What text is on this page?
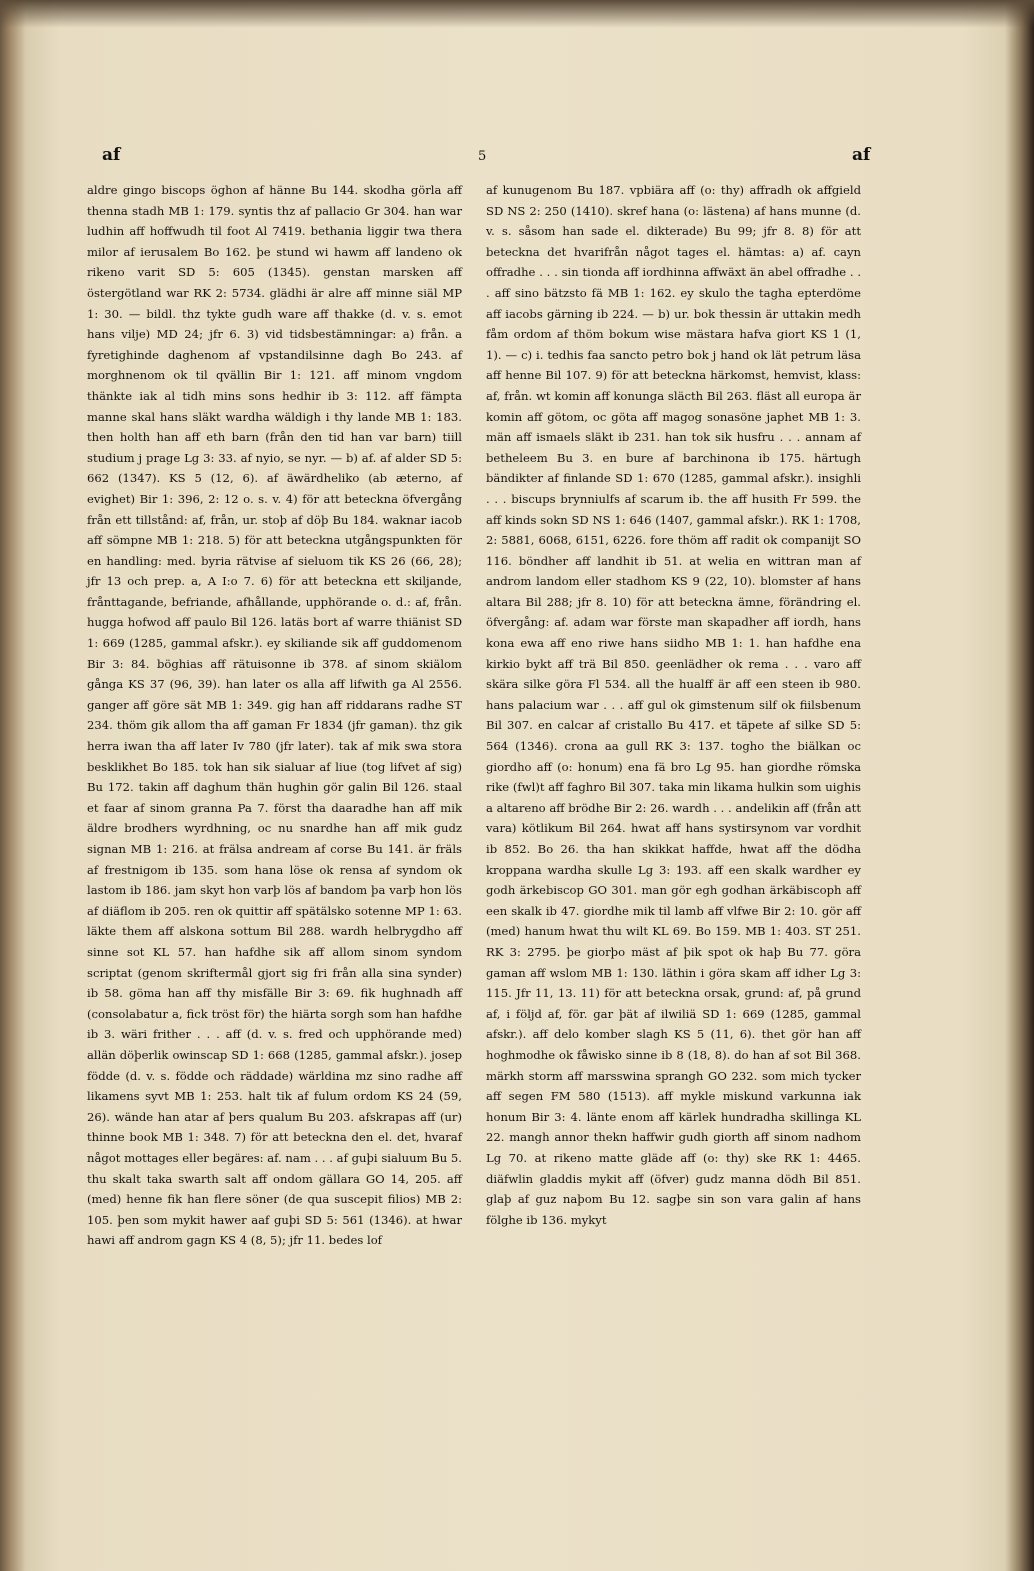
af	5	af

aldre gingo biscops öghon af hänne Bu 144. skodha görla aff thenna stadh MB 1: 179. syntis thz af pallacio Gr 304. han war ludhin aff hoffwudh til foot Al 7419. bethania liggir twa thera milor af ierusalem Bo 162. þe stund wi hawm aff landeno ok rikeno varit SD 5: 605 (1345). genstan marsken aff östergötland war RK 2: 5734. glädhi är alre aff minne siäl MP 1: 30. — bildl. thz tykte gudh ware aff thakke (d. v. s. emot hans vilje) MD 24; jfr 6. 3) vid tidsbestämningar: a) från. a fyretighinde daghenom af vpstandilsinne dagh Bo 243. af morghnenom ok til qvällin Bir 1: 121. aff minom vngdom thänkte iak al tidh mins sons hedhir ib 3: 112. aff fämpta manne skal hans släkt wardha wäldigh i thy lande MB 1: 183. then holth han aff eth barn (från den tid han var barn) tiill studium j prage Lg 3: 33. af nyio, se nyr. — b) af. af alder SD 5: 662 (1347). KS 5 (12, 6). af äwärdheliko (ab æterno, af evighet) Bir 1: 396, 2: 12 o. s. v. 4) för att beteckna öfvergång från ett tillstånd: af, från, ur. stoþ af döþ Bu 184. waknar iacob aff sömpne MB 1: 218. 5) för att beteckna utgångspunkten för en handling: med. byria rätvise af sieluom tik KS 26 (66, 28); jfr 13 och prep. a, A I:o 7. 6) för att beteckna ett skiljande, frånttagande, befriande, afhållande, upphörande o. d.: af, från. hugga hofwod aff paulo Bil 126. latäs bort af warre thiänist SD 1: 669 (1285, gammal afskr.). ey skiliande sik aff guddomenom Bir 3: 84. böghias aff rätuisonne ib 378. af sinom skiälom gånga KS 37 (96, 39). han later os alla aff lifwith ga Al 2556. ganger aff göre sät MB 1: 349. gig han aff riddarans radhe ST 234. thöm gik allom tha aff gaman Fr 1834 (jfr gaman). thz gik herra iwan tha aff later Iv 780 (jfr later). tak af mik swa stora besklikhet Bo 185. tok han sik sialuar af liue (tog lifvet af sig) Bu 172. takin aff daghum thän hughin gör galin Bil 126. staal et faar af sinom granna Pa 7. först tha daaradhe han aff mik äldre brodhers wyrdhning, oc nu snardhe han aff mik gudz signan MB 1: 216. at frälsa andream af corse Bu 141. är fräls af frestnigom ib 135. som hana löse ok rensa af syndom ok lastom ib 186. jam skyt hon varþ lös af bandom þa varþ hon lös af diäflom ib 205. ren ok quittir aff spätälsko sotenne MP 1: 63. läkte them aff alskona sottum Bil 288. wardh helbrygdho aff sinne sot KL 57. han hafdhe sik aff allom sinom syndom scriptat (genom skriftermål gjort sig fri från alla sina synder) ib 58. göma han aff thy misfälle Bir 3: 69. fik hughnadh aff (consolabatur a, fick tröst för) the hiärta sorgh som han hafdhe ib 3. wäri frither . . . aff (d. v. s. fred och upphörande med) allän döþerlik owinscap SD 1: 668 (1285, gammal afskr.). josep födde (d. v. s. födde och räddade) wärldina mz sino radhe aff likamens syvt MB 1: 253. halt tik af fulum ordom KS 24 (59, 26). wände han atar af þers qualum Bu 203. afskrapas aff (ur) thinne book MB 1: 348. 7) för att beteckna den el. det, hvaraf något mottages eller begäres: af. nam . . . af guþi sialuum Bu 5. thu skalt taka swarth salt aff ondom gällara GO 14, 205. aff (med) henne fik han flere söner (de qua suscepit filios) MB 2: 105. þen som mykit hawer aaf guþi SD 5: 561 (1346). at hwar hawi aff androm gagn KS 4 (8, 5); jfr 11. bedes lof

af kunugenom Bu 187. vpbiära aff (o: thy) affradh ok affgield SD NS 2: 250 (1410). skref hana (o: lästena) af hans munne (d. v. s. såsom han sade el. dikterade) Bu 99; jfr 8. 8) för att beteckna det hvarifrån något tages el. hämtas: a) af. cayn offradhe . . . sin tionda aff iordhinna affwäxt än abel offradhe . . . aff sino bätzsto fä MB 1: 162. ey skulo the tagha epterdöme aff iacobs gärning ib 224. — b) ur. bok thessin är uttakin medh fåm ordom af thöm bokum wise mästara hafva giort KS 1 (1, 1). — c) i. tedhis faa sancto petro bok j hand ok lät petrum läsa aff henne Bil 107. 9) för att beteckna härkomst, hemvist, klass: af, från. wt komin aff konunga släcth Bil 263. fläst all europa är komin aff götom, oc göta aff magog sonasöne japhet MB 1: 3. män aff ismaels släkt ib 231. han tok sik husfru . . . annam af betheleem Bu 3. en bure af barchinona ib 175. härtugh bändikter af finlande SD 1: 670 (1285, gammal afskr.). insighli . . . biscups brynniulfs af scarum ib. the aff husith Fr 599. the aff kinds sokn SD NS 1: 646 (1407, gammal afskr.). RK 1: 1708, 2: 5881, 6068, 6151, 6226. fore thöm aff radit ok companijt SO 116. böndher aff landhit ib 51. at welia en wittran man af androm landom eller stadhom KS 9 (22, 10). blomster af hans altara Bil 288; jfr 8. 10) för att beteckna ämne, förändring el. öfvergång: af. adam war förste man skapadher aff iordh, hans kona ewa aff eno riwe hans siidho MB 1: 1. han hafdhe ena kirkio bykt aff trä Bil 850. geenlädher ok rema . . . varo aff skära silke göra Fl 534. all the hualff är aff een steen ib 980. hans palacium war . . . aff gul ok gimstenum silf ok fiilsbenum Bil 307. en calcar af cristallo Bu 417. et täpete af silke SD 5: 564 (1346). crona aa gull RK 3: 137. togho the biälkan oc giordho aff (o: honum) ena fä bro Lg 95. han giordhe römska rike (fwl)t aff faghro Bil 307. taka min likama hulkin som uighis a altareno aff brödhe Bir 2: 26. wardh . . . andelikin aff (från att vara) kötlikum Bil 264. hwat aff hans systirsynom var vordhit ib 852. Bo 26. tha han skikkat haffde, hwat aff the dödha kroppana wardha skulle Lg 3: 193. aff een skalk wardher ey godh ärkebiscop GO 301. man gör egh godhan ärkäbiscoph aff een skalk ib 47. giordhe mik til lamb aff vlfwe Bir 2: 10. gör aff (med) hanum hwat thu wilt KL 69. Bo 159. MB 1: 403. ST 251. RK 3: 2795. þe giorþo mäst af þik spot ok haþ Bu 77. göra gaman aff wslom MB 1: 130. läthin i göra skam aff idher Lg 3: 115. Jfr 11, 13. 11) för att beteckna orsak, grund: af, på grund af, i följd af, för. gar þät af ilwiliä SD 1: 669 (1285, gammal afskr.). aff delo komber slagh KS 5 (11, 6). thet gör han aff hoghmodhe ok fåwisko sinne ib 8 (18, 8). do han af sot Bil 368. märkh storm aff marsswina sprangh GO 232. som mich tycker aff segen FM 580 (1513). aff mykle miskund varkunna iak honum Bir 3: 4. länte enom aff kärlek hundradha skillinga KL 22. mangh annor thekn haffwir gudh giorth aff sinom nadhom Lg 70. at rikeno matte gläde aff (o: thy) ske RK 1: 4465. diäfwlin gladdis mykit aff (öfver) gudz manna dödh Bil 851. glaþ af guz naþom Bu 12. sagþe sin son vara galin af hans fölghe ib 136. mykyt
